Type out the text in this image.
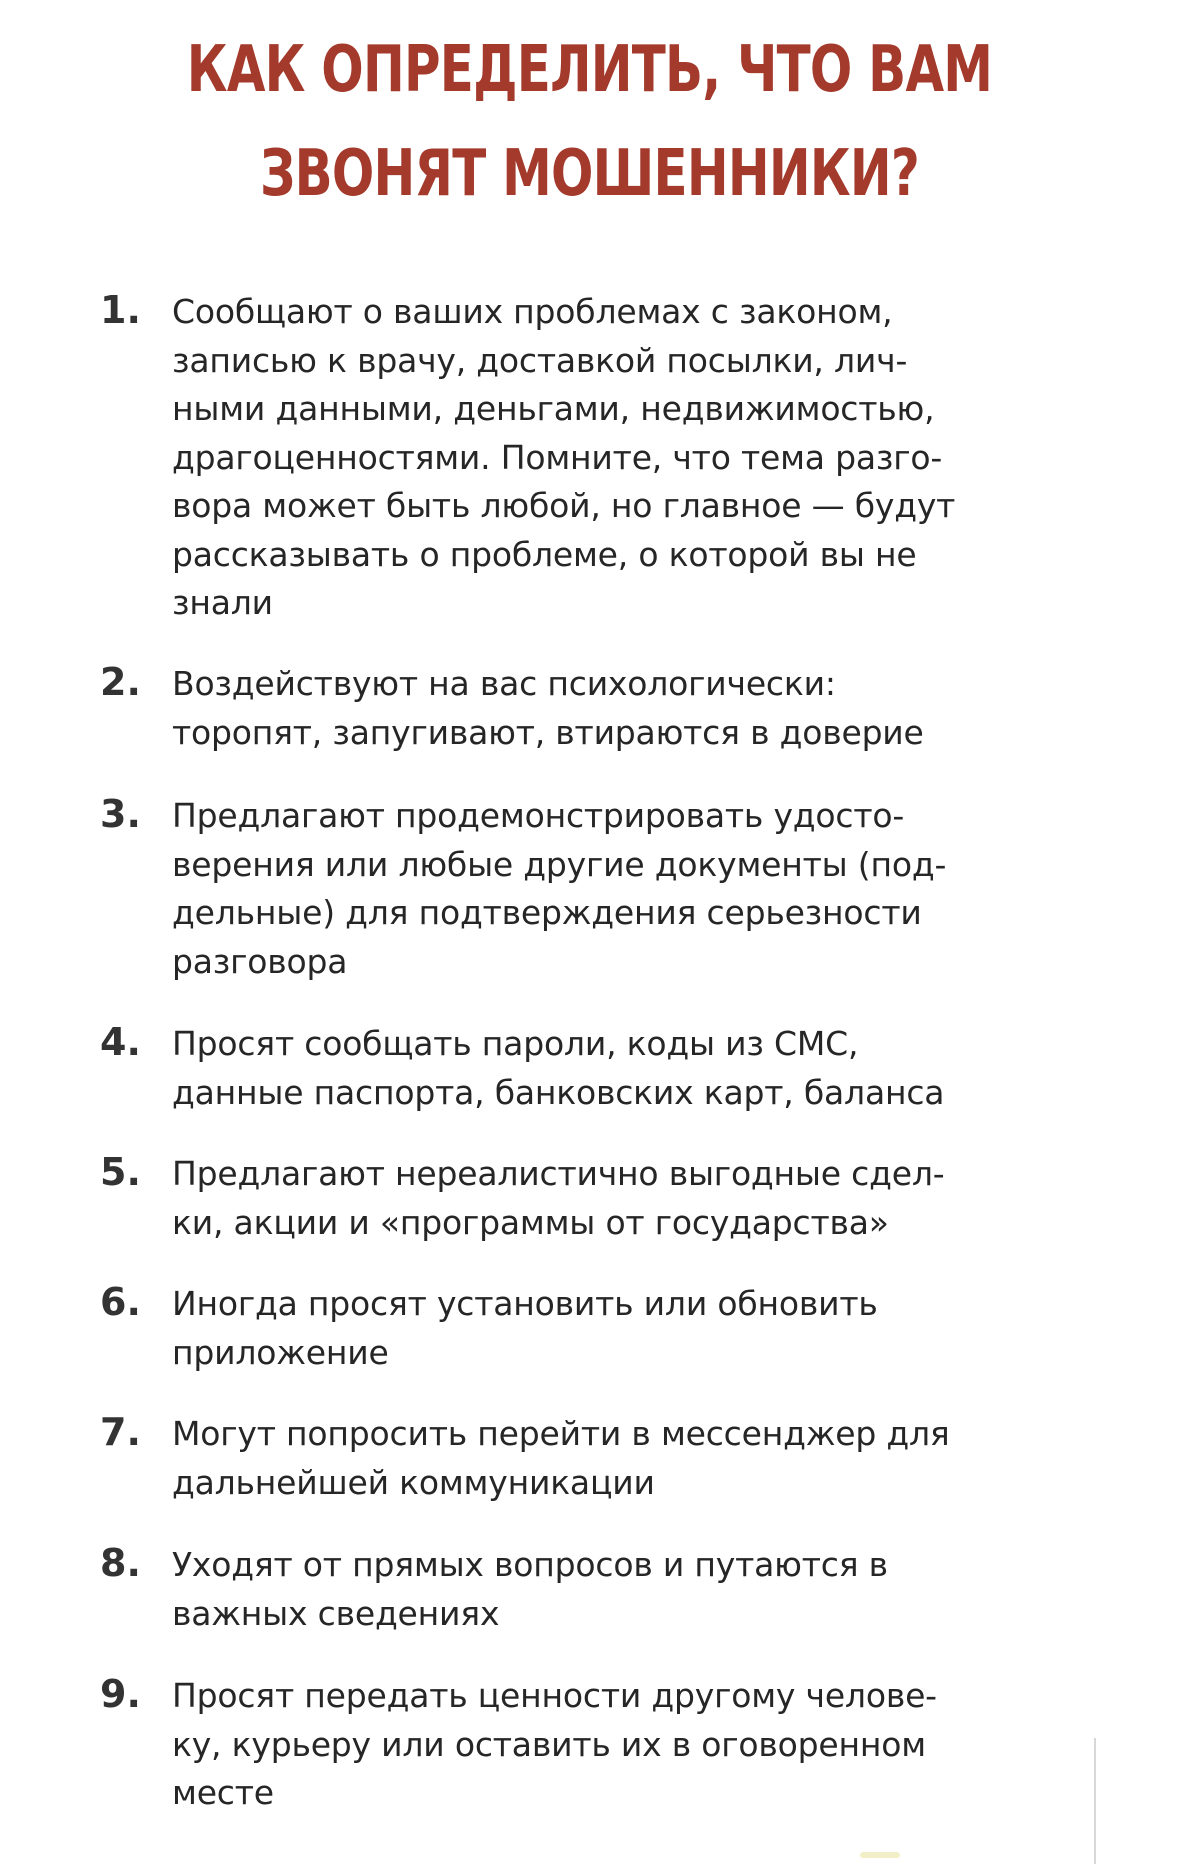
КАК ОПРЕДЕЛИТЬ, ЧТО ВАМ
ЗВОНЯТ МОШЕННИКИ?
1. Сообщают о ваших проблемах с законом,
записью к врачу, доставкой посылки, лич-
ными данными, деньгами, недвижимостью,
драгоценностями. Помните, что тема разго-
вора может быть любой, но главное — будут
рассказывать о проблеме, о которой вы не
знали
2. Воздействуют на вас психологически:
торопят, запугивают, втираются в доверие
3. Предлагают продемонстрировать удосто-
верения или любые другие документы (под-
дельные) для подтверждения серьезности
разговора
4. Просят сообщать пароли, коды из СМС,
данные паспорта, банковских карт, баланса
5. Предлагают нереалистично выгодные сдел-
ки, акции и «программы от государства»
6. Иногда просят установить или обновить
приложение
7. Могут попросить перейти в мессенджер для
дальнейшей коммуникации
8. Уходят от прямых вопросов и путаются в
важных сведениях
9. Просят передать ценности другому челове-
ку, курьеру или оставить их в оговоренном
месте
